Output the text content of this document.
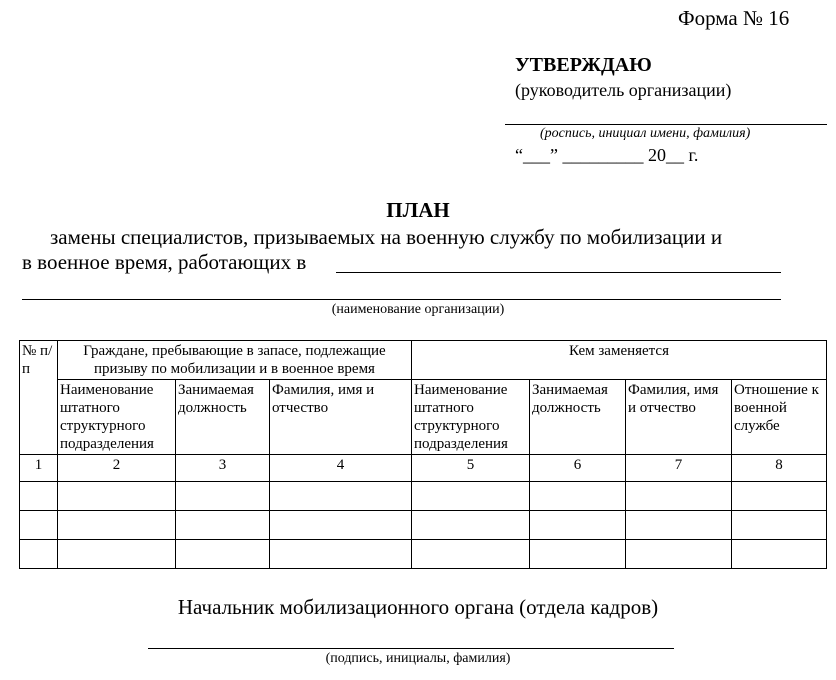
Форма № 16
УТВЕРЖДАЮ
(руководитель организации)
(роспись, инициал имени, фамилия)
“___” _________ 20__ г.
ПЛАН
замены специалистов, призываемых на военную службу по мобилизации и
в военное время, работающих в
(наименование организации)
№ п/п	Граждане, пребывающие в запасе, подлежащие призыву по мобилизации и в военное время			Кем заменяется			
	Наименование штатного структурного подразделения	Занимаемая должность	Фамилия, имя и отчество	Наименование штатного структурного подразделения	Занимаемая должность	Фамилия, имя и отчество	Отношение к военной службе
1	2	3	4	5	6	7	8

Начальник мобилизационного органа (отдела кадров)
(подпись, инициалы, фамилия)
